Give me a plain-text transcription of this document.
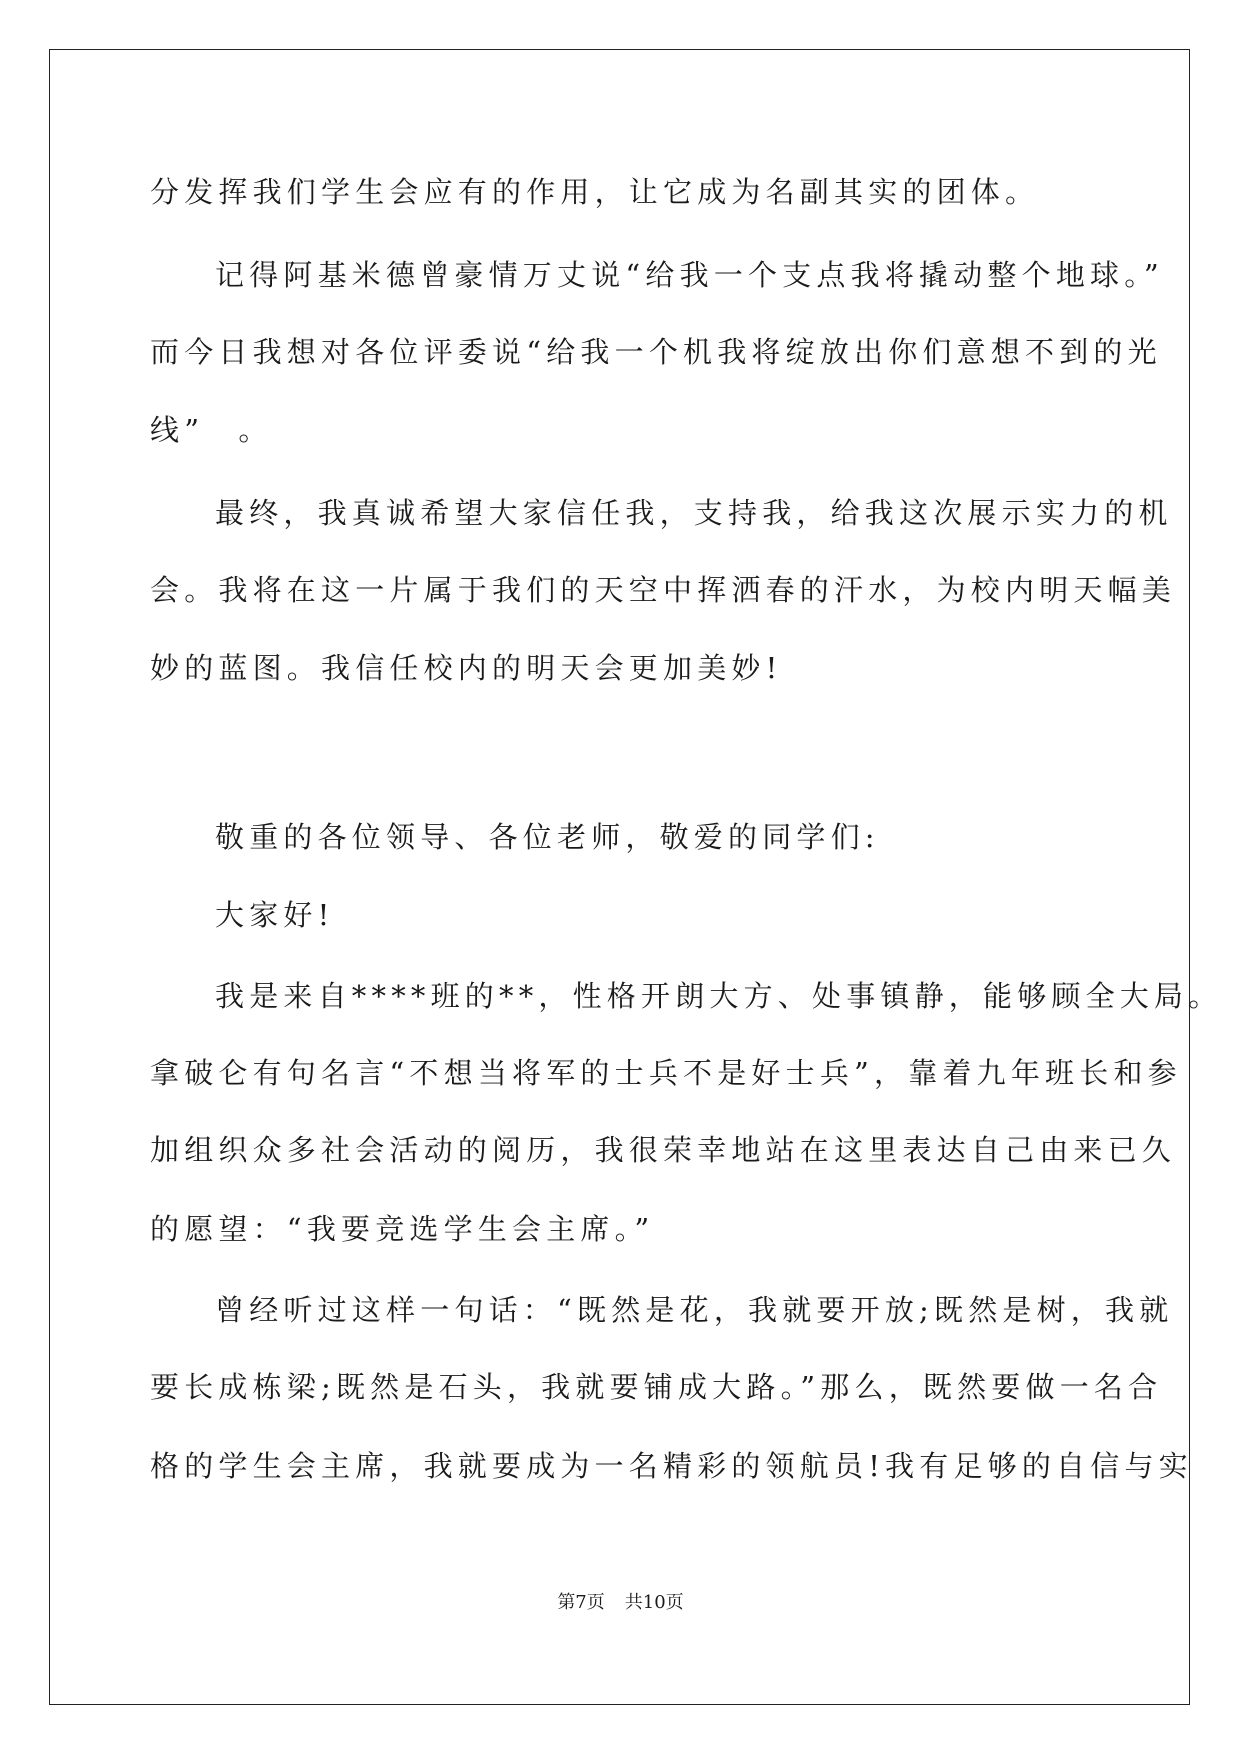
分发挥我们学生会应有的作用，让它成为名副其实的团体。
记得阿基米德曾豪情万丈说“给我一个支点我将撬动整个地球。”
而今日我想对各位评委说“给我一个机我将绽放出你们意想不到的光
线”　。
最终，我真诚希望大家信任我，支持我，给我这次展示实力的机
会。我将在这一片属于我们的天空中挥洒春的汗水，为校内明天幅美
妙的蓝图。我信任校内的明天会更加美妙!
敬重的各位领导、各位老师，敬爱的同学们:
大家好!
我是来自****班的**，性格开朗大方、处事镇静，能够顾全大局。
拿破仑有句名言“不想当将军的士兵不是好士兵”，靠着九年班长和参
加组织众多社会活动的阅历，我很荣幸地站在这里表达自己由来已久
的愿望：“我要竞选学生会主席。”
曾经听过这样一句话：“既然是花，我就要开放;既然是树，我就
要长成栋梁;既然是石头，我就要铺成大路。”那么，既然要做一名合
格的学生会主席，我就要成为一名精彩的领航员!我有足够的自信与实
第7页 共10页
